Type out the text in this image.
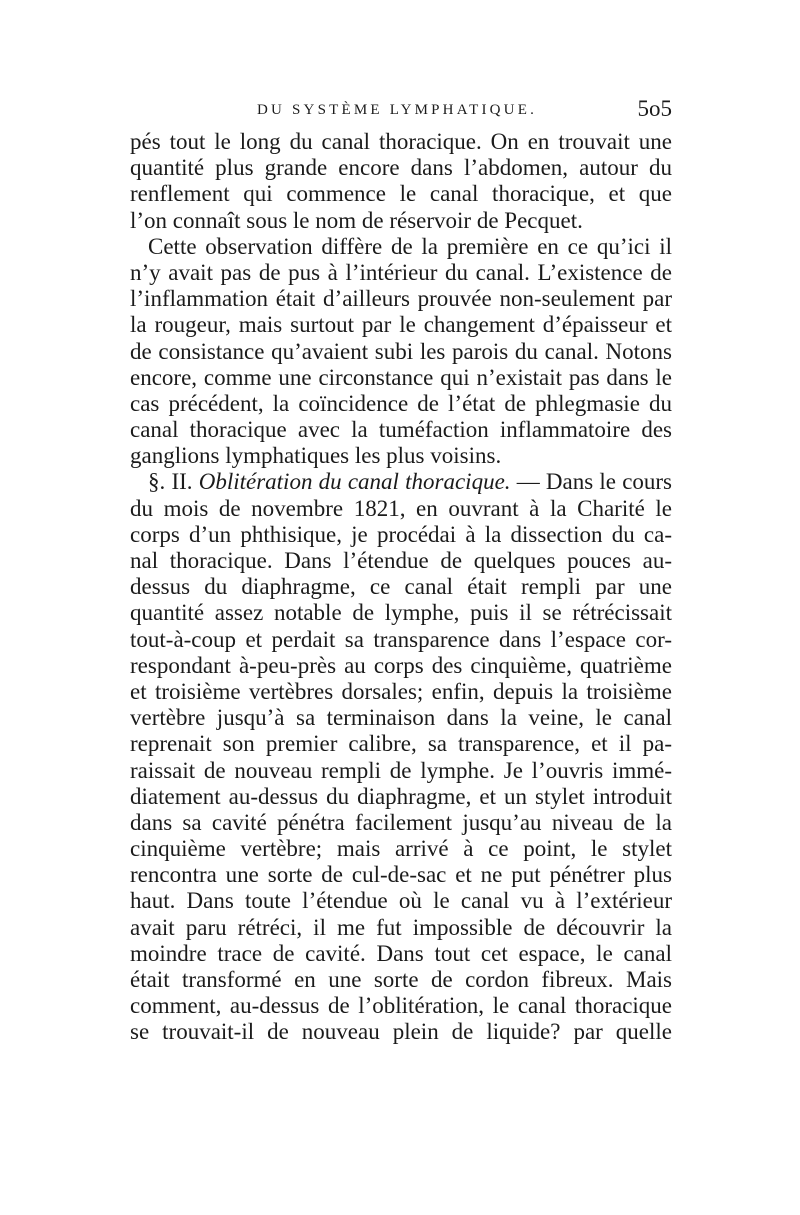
DU SYSTÈME LYMPHATIQUE.	5o5
pés tout le long du canal thoracique. On en trouvait une
quantité plus grande encore dans l’abdomen, autour du
renflement qui commence le canal thoracique, et que
l’on connaît sous le nom de réservoir de Pecquet.
Cette observation diffère de la première en ce qu’ici il
n’y avait pas de pus à l’intérieur du canal. L’existence de
l’inflammation était d’ailleurs prouvée non-seulement par
la rougeur, mais surtout par le changement d’épaisseur et
de consistance qu’avaient subi les parois du canal. Notons
encore, comme une circonstance qui n’existait pas dans le
cas précédent, la coïncidence de l’état de phlegmasie du
canal thoracique avec la tuméfaction inflammatoire des
ganglions lymphatiques les plus voisins.
§. II. Oblitération du canal thoracique. — Dans le cours
du mois de novembre 1821, en ouvrant à la Charité le
corps d’un phthisique, je procédai à la dissection du ca-
nal thoracique. Dans l’étendue de quelques pouces au-
dessus du diaphragme, ce canal était rempli par une
quantité assez notable de lymphe, puis il se rétrécissait
tout-à-coup et perdait sa transparence dans l’espace cor-
respondant à-peu-près au corps des cinquième, quatrième
et troisième vertèbres dorsales; enfin, depuis la troisième
vertèbre jusqu’à sa terminaison dans la veine, le canal
reprenait son premier calibre, sa transparence, et il pa-
raissait de nouveau rempli de lymphe. Je l’ouvris immé-
diatement au-dessus du diaphragme, et un stylet introduit
dans sa cavité pénétra facilement jusqu’au niveau de la
cinquième vertèbre; mais arrivé à ce point, le stylet
rencontra une sorte de cul-de-sac et ne put pénétrer plus
haut. Dans toute l’étendue où le canal vu à l’extérieur
avait paru rétréci, il me fut impossible de découvrir la
moindre trace de cavité. Dans tout cet espace, le canal
était transformé en une sorte de cordon fibreux. Mais
comment, au-dessus de l’oblitération, le canal thoracique
se trouvait-il de nouveau plein de liquide? par quelle
